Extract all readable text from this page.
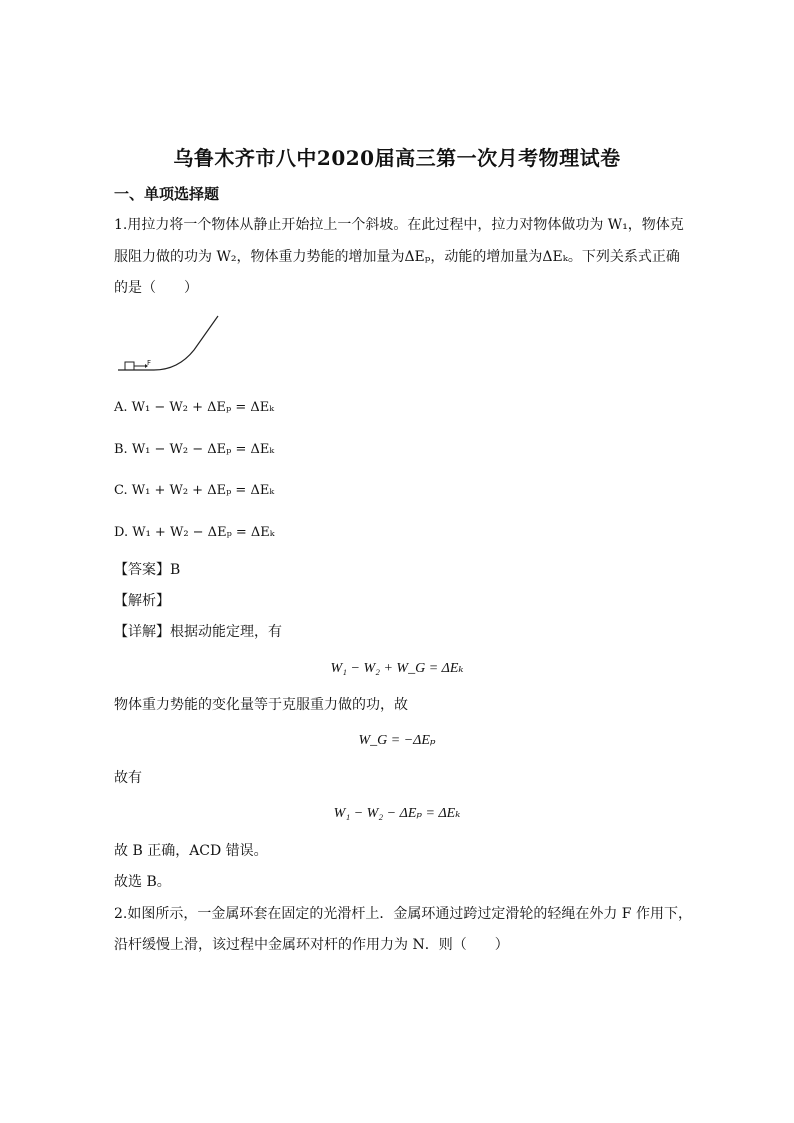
乌鲁木齐市八中2020届高三第一次月考物理试卷
一、单项选择题
1.用拉力将一个物体从静止开始拉上一个斜坡。在此过程中，拉力对物体做功为 W₁，物体克
服阻力做的功为 W₂，物体重力势能的增加量为ΔEₚ，动能的增加量为ΔEₖ。下列关系式正确
的是（　　）
F
A. W₁ − W₂ + ΔEₚ = ΔEₖ
B. W₁ − W₂ − ΔEₚ = ΔEₖ
C. W₁ + W₂ + ΔEₚ = ΔEₖ
D. W₁ + W₂ − ΔEₚ = ΔEₖ
【答案】B
【解析】
【详解】根据动能定理，有
W₁ − W₂ + W_G = ΔEₖ
物体重力势能的变化量等于克服重力做的功，故
W_G = −ΔEₚ
故有
W₁ − W₂ − ΔEₚ = ΔEₖ
故 B 正确，ACD 错误。
故选 B。
2.如图所示，一金属环套在固定的光滑杆上．金属环通过跨过定滑轮的轻绳在外力 F 作用下，
沿杆缓慢上滑，该过程中金属环对杆的作用力为 N．则（　　）
